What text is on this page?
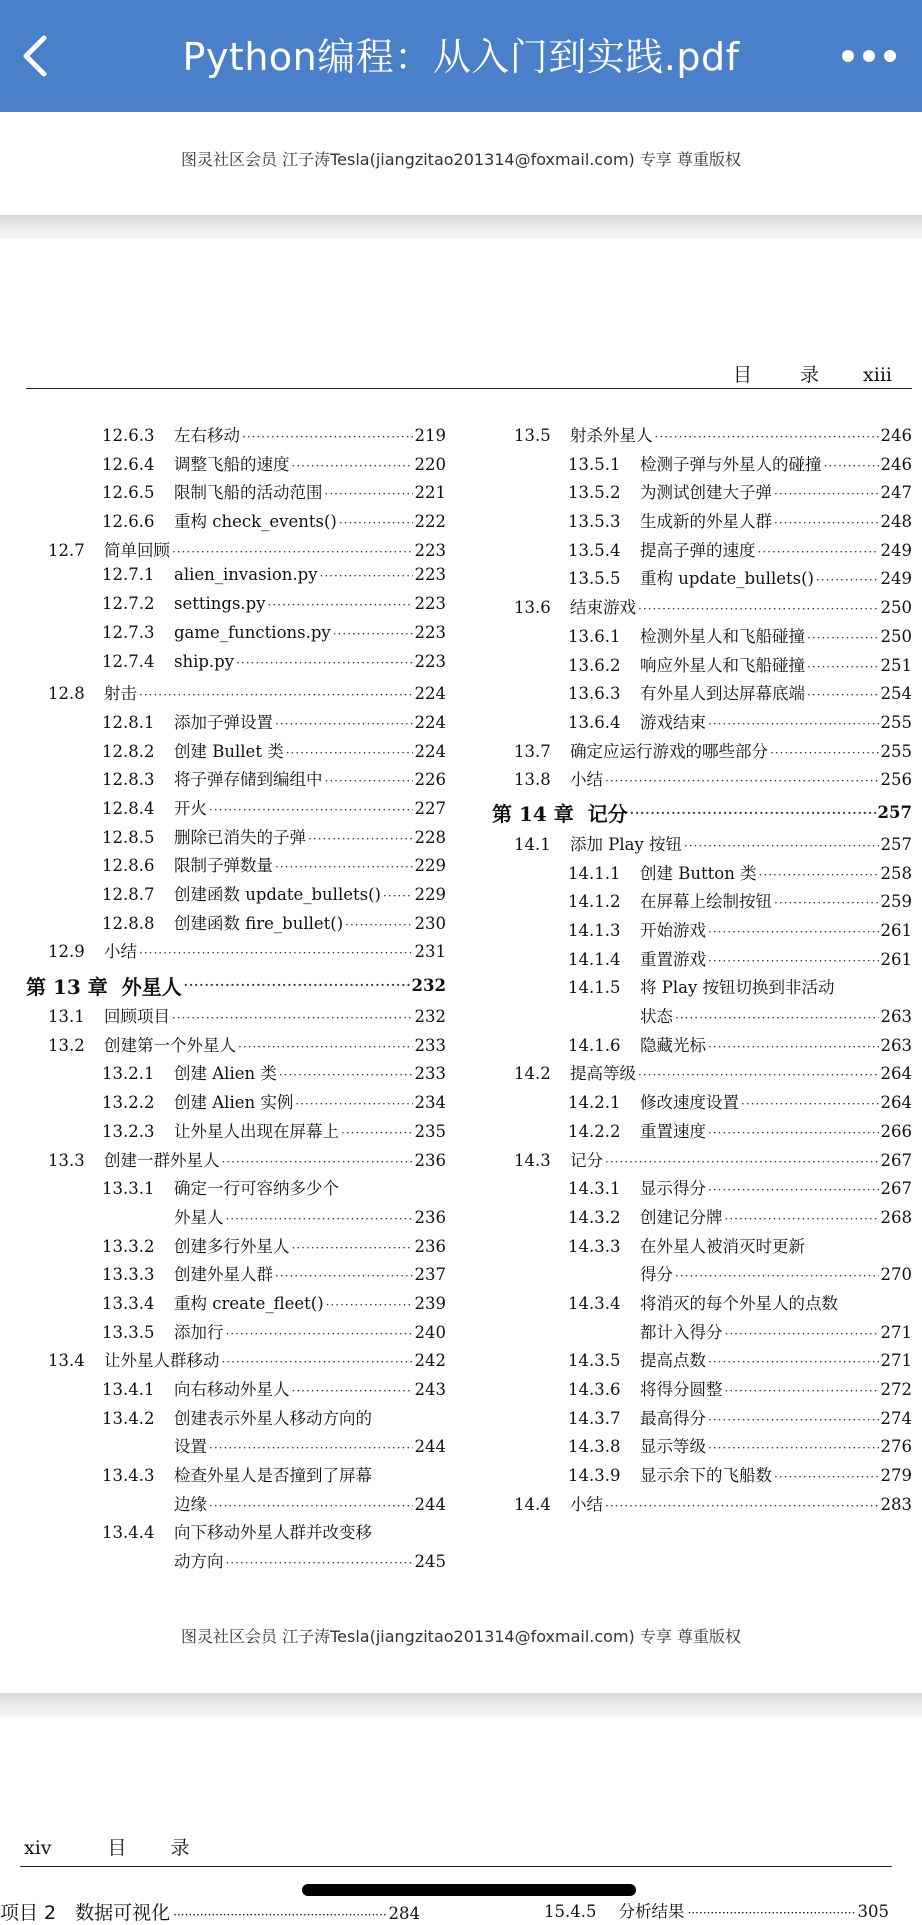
Python编程：从入门到实践.pdf
图灵社区会员 江子涛Tesla(jiangzitao201314@foxmail.com) 专享 尊重版权
目	录 xiii
12.6.3	左右移动 ·····	219
12.6.4	调整飞船的速度 ·····	220
12.6.5	限制飞船的活动范围 ·····	221
12.6.6	重构 check_events() ·····	222
12.7	简单回顾 ·····	223
12.7.1	alien_invasion.py ·····	223
12.7.2	settings.py ·····	223
12.7.3	game_functions.py ·····	223
12.7.4	ship.py ·····	223
12.8	射击 ·····	224
12.8.1	添加子弹设置 ·····	224
12.8.2	创建 Bullet 类 ·····	224
12.8.3	将子弹存储到编组中 ·····	226
12.8.4	开火 ·····	227
12.8.5	删除已消失的子弹 ·····	228
12.8.6	限制子弹数量 ·····	229
12.8.7	创建函数 update_bullets() ····· 229
12.8.8	创建函数 fire_bullet() ·····	230
12.9	小结 ·····	231
第 13 章 外星人 ·····	232
13.1	回顾项目 ·····	232
13.2	创建第一个外星人 ·····	233
13.2.1	创建 Alien 类 ·····	233
13.2.2	创建 Alien 实例 ·····	234
13.2.3	让外星人出现在屏幕上 ·····	235
13.3	创建一群外星人 ·····	236
13.3.1	确定一行可容纳多少个
外星人 ·····	236
13.3.2	创建多行外星人 ·····	236
13.3.3	创建外星人群 ·····	237
13.3.4	重构 create_fleet() ·····	239
13.3.5	添加行 ·····	240
13.4	让外星人群移动 ·····	242
13.4.1	向右移动外星人 ·····	243
13.4.2	创建表示外星人移动方向的
设置 ·····	244
13.4.3	检查外星人是否撞到了屏幕
边缘 ·····	244
13.4.4	向下移动外星人群并改变移
动方向 ·····	245
13.5	射杀外星人 ·····	246
13.5.1	检测子弹与外星人的碰撞 ·····	246
13.5.2	为测试创建大子弹 ·····	247
13.5.3	生成新的外星人群 ·····	248
13.5.4	提高子弹的速度 ·····	249
13.5.5	重构 update_bullets() ·····	249
13.6	结束游戏 ·····	250
13.6.1	检测外星人和飞船碰撞 ·····	250
13.6.2	响应外星人和飞船碰撞 ·····	251
13.6.3	有外星人到达屏幕底端 ·····	254
13.6.4	游戏结束 ·····	255
13.7	确定应运行游戏的哪些部分 ·····	255
13.8	小结 ·····	256
第 14 章 记分 ·····	257
14.1	添加 Play 按钮 ·····	257
14.1.1	创建 Button 类 ·····	258
14.1.2	在屏幕上绘制按钮 ·····	259
14.1.3	开始游戏 ·····	261
14.1.4	重置游戏 ·····	261
14.1.5	将 Play 按钮切换到非活动
状态 ·····	263
14.1.6	隐藏光标 ·····	263
14.2	提高等级 ·····	264
14.2.1	修改速度设置 ·····	264
14.2.2	重置速度 ·····	266
14.3	记分 ·····	267
14.3.1	显示得分 ·····	267
14.3.2	创建记分牌 ·····	268
14.3.3	在外星人被消灭时更新
得分 ·····	270
14.3.4	将消灭的每个外星人的点数
都计入得分 ·····	271
14.3.5	提高点数 ·····	271
14.3.6	将得分圆整 ·····	272
14.3.7	最高得分 ·····	274
14.3.8	显示等级 ·····	276
14.3.9	显示余下的飞船数 ·····	279
14.4	小结 ·····	283
图灵社区会员 江子涛Tesla(jiangzitao201314@foxmail.com) 专享 尊重版权
xiv	目 录
项目 2　数据可视化 ·····	284	15.4.5 分析结果 ·····	305
